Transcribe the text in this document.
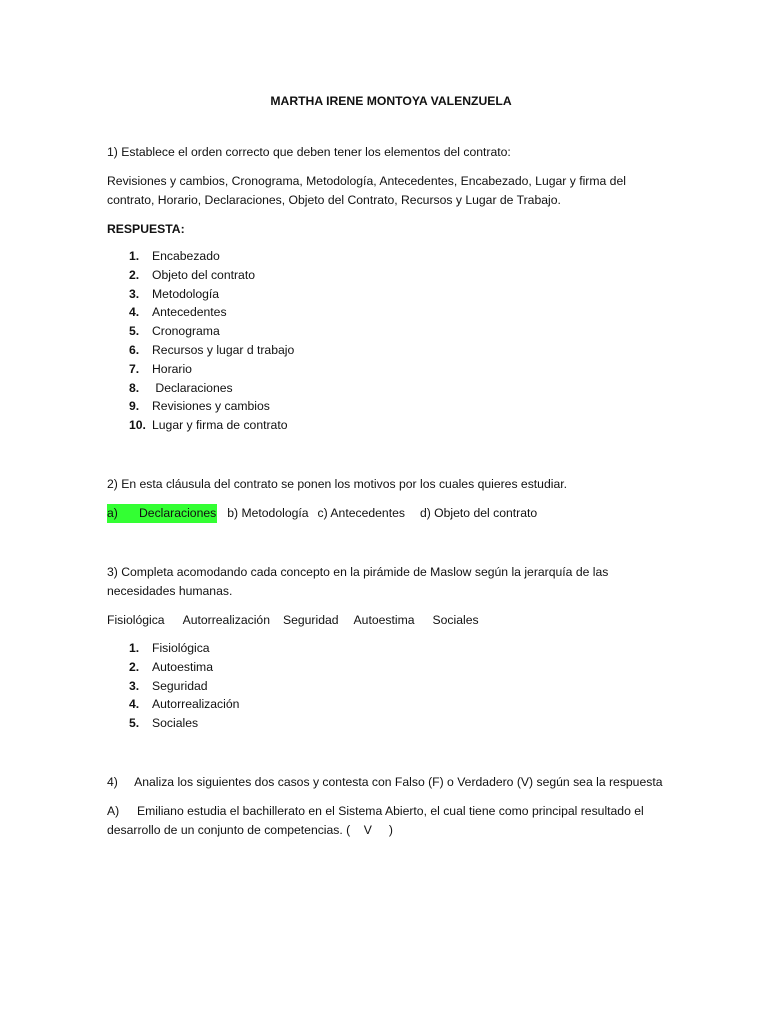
MARTHA IRENE MONTOYA VALENZUELA

1) Establece el orden correcto que deben tener los elementos del contrato:

Revisiones y cambios, Cronograma, Metodología, Antecedentes, Encabezado, Lugar y firma del contrato, Horario, Declaraciones, Objeto del Contrato, Recursos y Lugar de Trabajo.

RESPUESTA:

1.	Encabezado
2.	Objeto del contrato
3.	Metodología
4.	Antecedentes
5.	Cronograma
6.	Recursos y lugar d trabajo
7.	Horario
8.	Declaraciones
9.	Revisiones y cambios
10. Lugar y firma de contrato

2) En esta cláusula del contrato se ponen los motivos por los cuales quieres estudiar.

a)	Declaraciones b) Metodología c) Antecedentes d) Objeto del contrato

3) Completa acomodando cada concepto en la pirámide de Maslow según la jerarquía de las necesidades humanas.

Fisiológica Autorrealización Seguridad Autoestima Sociales
1.	Fisiológica
2.	Autoestima
3.	Seguridad
4.	Autorrealización
5.	Sociales

4)     Analiza los siguientes dos casos y contesta con Falso (F) o Verdadero (V) según sea la respuesta

A) Emiliano estudia el bachillerato en el Sistema Abierto, el cual tiene como principal resultado el desarrollo de un conjunto de competencias. (    V     )
